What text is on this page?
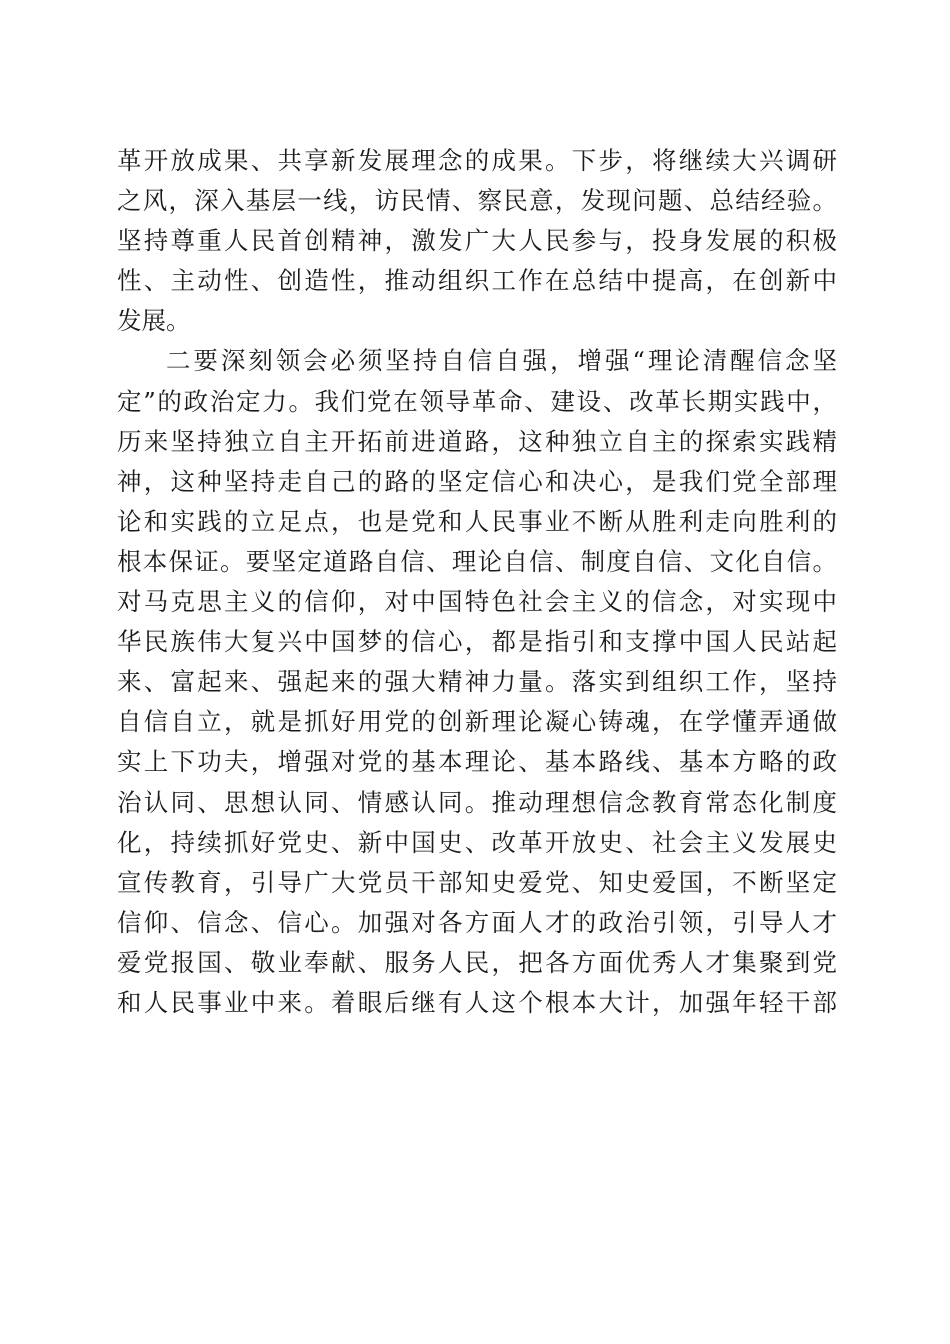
革开放成果、共享新发展理念的成果。下步，将继续大兴调研
之风，深入基层一线，访民情、察民意，发现问题、总结经验。
坚持尊重人民首创精神，激发广大人民参与，投身发展的积极
性、主动性、创造性，推动组织工作在总结中提高，在创新中
发展。
二要深刻领会必须坚持自信自强，增强“理论清醒信念坚
定”的政治定力。我们党在领导革命、建设、改革长期实践中，
历来坚持独立自主开拓前进道路，这种独立自主的探索实践精
神，这种坚持走自己的路的坚定信心和决心，是我们党全部理
论和实践的立足点，也是党和人民事业不断从胜利走向胜利的
根本保证。要坚定道路自信、理论自信、制度自信、文化自信。
对马克思主义的信仰，对中国特色社会主义的信念，对实现中
华民族伟大复兴中国梦的信心，都是指引和支撑中国人民站起
来、富起来、强起来的强大精神力量。落实到组织工作，坚持
自信自立，就是抓好用党的创新理论凝心铸魂，在学懂弄通做
实上下功夫，增强对党的基本理论、基本路线、基本方略的政
治认同、思想认同、情感认同。推动理想信念教育常态化制度
化，持续抓好党史、新中国史、改革开放史、社会主义发展史
宣传教育，引导广大党员干部知史爱党、知史爱国，不断坚定
信仰、信念、信心。加强对各方面人才的政治引领，引导人才
爱党报国、敬业奉献、服务人民，把各方面优秀人才集聚到党
和人民事业中来。着眼后继有人这个根本大计，加强年轻干部
